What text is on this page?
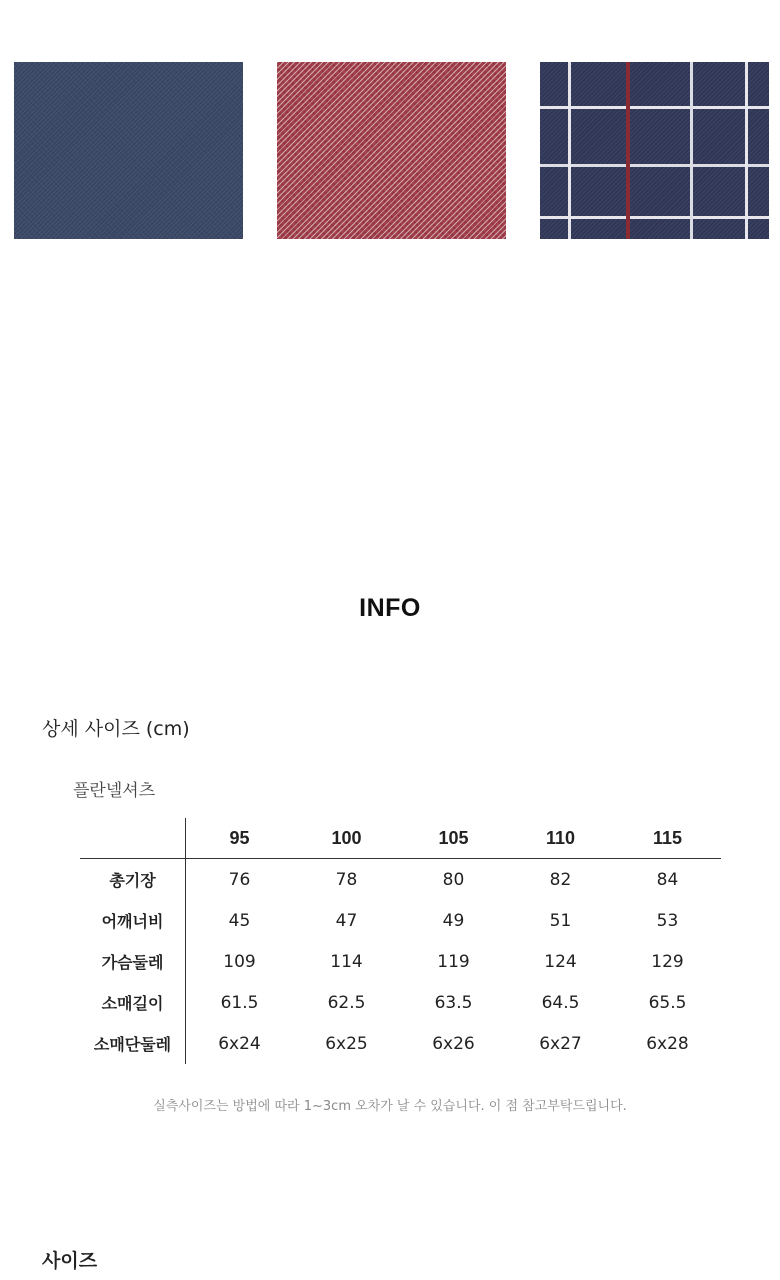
INFO
상세 사이즈 (cm)
플란넬셔츠
	95	100	105	110	115
총기장	76	78	80	82	84
어깨너비	45	47	49	51	53
가슴둘레	109	114	119	124	129
소매길이	61.5	62.5	63.5	64.5	65.5
소매단둘레	6x24	6x25	6x26	6x27	6x28
실측사이즈는 방법에 따라 1~3cm 오차가 날 수 있습니다. 이 점 참고부탁드립니다.
사이즈
